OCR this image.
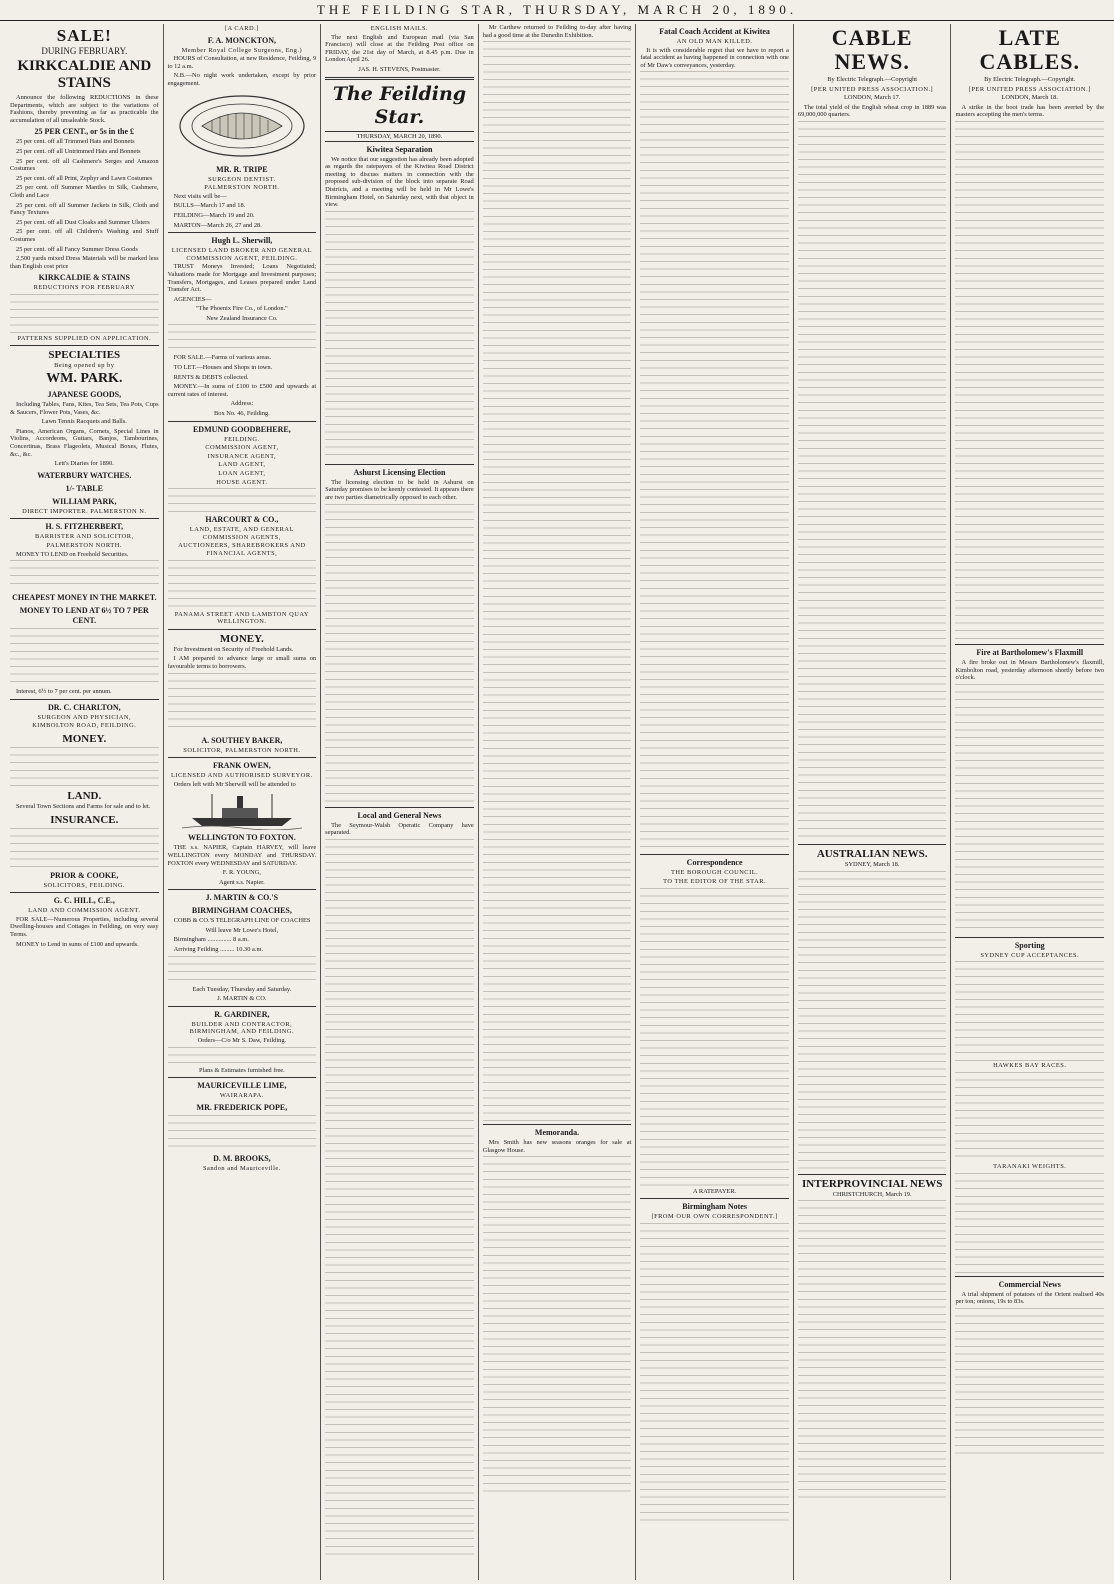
THE FEILDING STAR, THURSDAY, MARCH 20, 1890.
SALE!
DURING FEBRUARY.
KIRKCALDIE AND STAINS

Announce the following REDUCTIONS in these Departments, which are subject to the variations of Fashions, thereby preventing as far as practicable the accumulation of all unsaleable Stock.

25 PER CENT., or 5s in the £

25 per cent. off all Trimmed Hats and Bonnets

25 per cent. off all Untrimmed Hats and Bonnets

25 per cent. off all Cashmere's Serges and Amazon Costumes

25 per cent. off all Print, Zephyr and Lawn Costumes

25 per cent. off Summer Mantles in Silk, Cashmere, Cloth and Lace

25 per cent. off all Summer Jackets in Silk, Cloth and Fancy Textures

25 per cent. off all Dust Cloaks and Summer Ulsters

25 per cent. off all Children's Washing and Stuff Costumes

25 per cent. off all Fancy Summer Dress Goods

2,500 yards mixed Dress Materials will be marked less than English cost price

KIRKCALDIE & STAINS
REDUCTIONS FOR FEBRUARY
PATTERNS SUPPLIED ON APPLICATION.
SPECIALTIES
Being opened up by
WM. PARK.
JAPANESE GOODS,

Including Tables, Fans, Kites, Tea Sets, Tea Pots, Cups & Saucers, Flower Pots, Vases, &c.

Lawn Tennis Racquets and Balls.

Pianos, American Organs, Cornets, Special Lines in Violins, Accordeons, Guitars, Banjos, Tambourines, Concertinas, Brass Flageolets, Musical Boxes, Flutes, &c., &c.

Lett's Diaries for 1890.

WATERBURY WATCHES.
1/- TABLE
WILLIAM PARK,
DIRECT IMPORTER. PALMERSTON N.
H. S. FITZHERBERT,
BARRISTER AND SOLICITOR,
PALMERSTON NORTH.

MONEY TO LEND on Freehold Securities.

CHEAPEST MONEY IN THE MARKET.
MONEY TO LEND AT 6½ TO 7 PER CENT.

Interest, 6½ to 7 per cent. per annum.

DR. C. CHARLTON,
SURGEON AND PHYSICIAN,
KIMBOLTON ROAD, FEILDING.
MONEY.
LAND.

Several Town Sections and Farms for sale and to let.

INSURANCE.
PRIOR & COOKE,
SOLICITORS, FEILDING.
G. C. HILL, C.E.,
LAND AND COMMISSION AGENT.

FOR SALE—Numerous Properties, including several Dwelling-houses and Cottages in Feilding, on very easy Terms.

MONEY to Lend in sums of £100 and upwards.

[A CARD.]
F. A. MONCKTON,
Member Royal College Surgeons, Eng.)

HOURS of Consultation, at new Residence, Feilding, 9 to 12 a.m.

N.B.—No night work undertaken, except by prior engagement.

MR. R. TRIPE
SURGEON DENTIST.
PALMERSTON NORTH.

Next visits will be—

BULLS—March 17 and 18.

FEILDING—March 19 and 20.

MARTON—March 26, 27 and 28.

Hugh L. Sherwill,
LICENSED LAND BROKER AND GENERAL COMMISSION AGENT, FEILDING.

TRUST Moneys Invested; Loans Negotiated; Valuations made for Mortgage and Investment purposes; Transfers, Mortgages, and Leases prepared under Land Transfer Act.

AGENCIES—

"The Phoenix Fire Co., of London."

New Zealand Insurance Co.

FOR SALE.—Farms of various areas.

TO LET.—Houses and Shops in town.

RENTS & DEBTS collected.

MONEY.—In sums of £100 to £500 and upwards at current rates of interest.

Address:

Box No. 46, Feilding.

EDMUND GOODBEHERE,
FEILDING.
COMMISSION AGENT,
INSURANCE AGENT,
LAND AGENT,
LOAN AGENT,
HOUSE AGENT.
HARCOURT & CO.,
LAND, ESTATE, AND GENERAL COMMISSION AGENTS,
AUCTIONEERS, SHAREBROKERS AND FINANCIAL AGENTS,
PANAMA STREET AND LAMBTON QUAY WELLINGTON.
MONEY.

For Investment on Security of Freehold Lands.

I AM prepared to advance large or small sums on favourable terms to borrowers.

A. SOUTHEY BAKER,
SOLICITOR, PALMERSTON NORTH.
FRANK OWEN,
LICENSED AND AUTHORISED SURVEYOR.

Orders left with Mr Sherwill will be attended to

WELLINGTON TO FOXTON.

THE s.s. NAPIER, Captain HARVEY, will leave WELLINGTON every MONDAY and THURSDAY. FOXTON every WEDNESDAY and SATURDAY.

F. R. YOUNG,

Agent s.s. Napier.

J. MARTIN & CO.'S
BIRMINGHAM COACHES,

COBB & CO.'S TELEGRAPH LINE OF COACHES

Will leave Mr Lowe's Hotel,

Birmingham ............... 8 a.m.

Arriving Feilding ......... 10.30 a.m.

Each Tuesday, Thursday and Saturday.

J. MARTIN & CO.

R. GARDINER,
BUILDER AND CONTRACTOR, BIRMINGHAM, AND FEILDING.

Orders—C/o Mr S. Daw, Feilding.

Plans & Estimates furnished free.

MAURICEVILLE LIME,
WAIRARAPA.
MR. FREDERICK POPE,
D. M. BROOKS,
Sandon and Mauriceville.
ENGLISH MAILS.

The next English and European mail (via San Francisco) will close at the Feilding Post office on FRIDAY, the 21st day of March, at 8.45 p.m. Due in London April 26.

JAS. H. STEVENS, Postmaster.

The Feilding Star.
THURSDAY, MARCH 20, 1890.
Kiwitea Separation

We notice that our suggestion has already been adopted as regards the ratepayers of the Kiwitea Road District meeting to discuss matters in connection with the proposed sub-division of the block into separate Road Districts, and a meeting will be held in Mr Lowe's Birmingham Hotel, on Saturday next, with that object in view.

Ashurst Licensing Election

The licensing election to be held in Ashurst on Saturday promises to be keenly contested. It appears there are two parties diametrically opposed to each other.

Local and General News

The Seymour-Walsh Operatic Company have separated.

Mr Carthew returned to Feilding to-day after having had a good time at the Dunedin Exhibition.

Memoranda.

Mrs Smith has new seasons oranges for sale at Glasgow House.

Fatal Coach Accident at Kiwitea
AN OLD MAN KILLED.

It is with considerable regret that we have to report a fatal accident as having happened in connection with one of Mr Daw's conveyances, yesterday.

Correspondence
THE BOROUGH COUNCIL.
TO THE EDITOR OF THE STAR.

A RATEPAYER.

Birmingham Notes
[FROM OUR OWN CORRESPONDENT.]
CABLE NEWS.

By Electric Telegraph.—Copyright

[PER UNITED PRESS ASSOCIATION.]

LONDON, March 17.

The total yield of the English wheat crop in 1889 was 69,000,000 quarters.

AUSTRALIAN NEWS.

SYDNEY, March 18.

INTERPROVINCIAL NEWS

CHRISTCHURCH, March 19.

LATE CABLES.

By Electric Telegraph.—Copyright.

[PER UNITED PRESS ASSOCIATION.]

LONDON, March 18.

A strike in the boot trade has been averted by the masters accepting the men's terms.

Fire at Bartholomew's Flaxmill

A fire broke out in Messrs Bartholomew's flaxmill, Kimbolton road, yesterday afternoon shortly before two o'clock.

Sporting
SYDNEY CUP ACCEPTANCES.
HAWKES BAY RACES.
TARANAKI WEIGHTS.
Commercial News

A trial shipment of potatoes of the Orient realised 40s per ton; onions, 19s to 83s.
